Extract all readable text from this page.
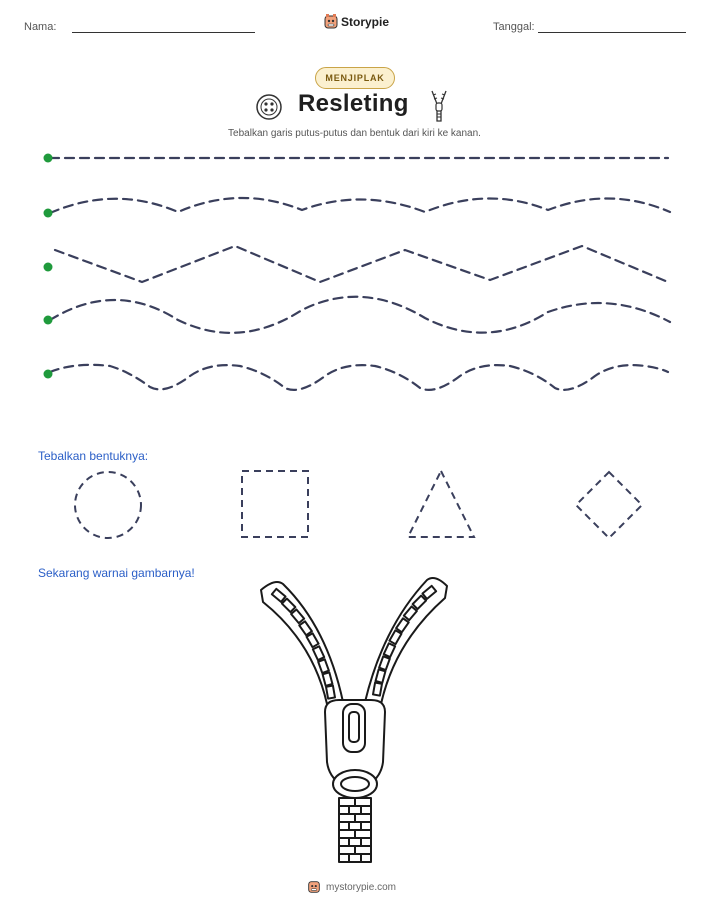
Nama:	Storypie	Tanggal:
MENJIPLAK
Resleting
Tebalkan garis putus-putus dan bentuk dari kiri ke kanan.
Tebalkan bentuknya:
Sekarang warnai gambarnya!
mystorypie.com
